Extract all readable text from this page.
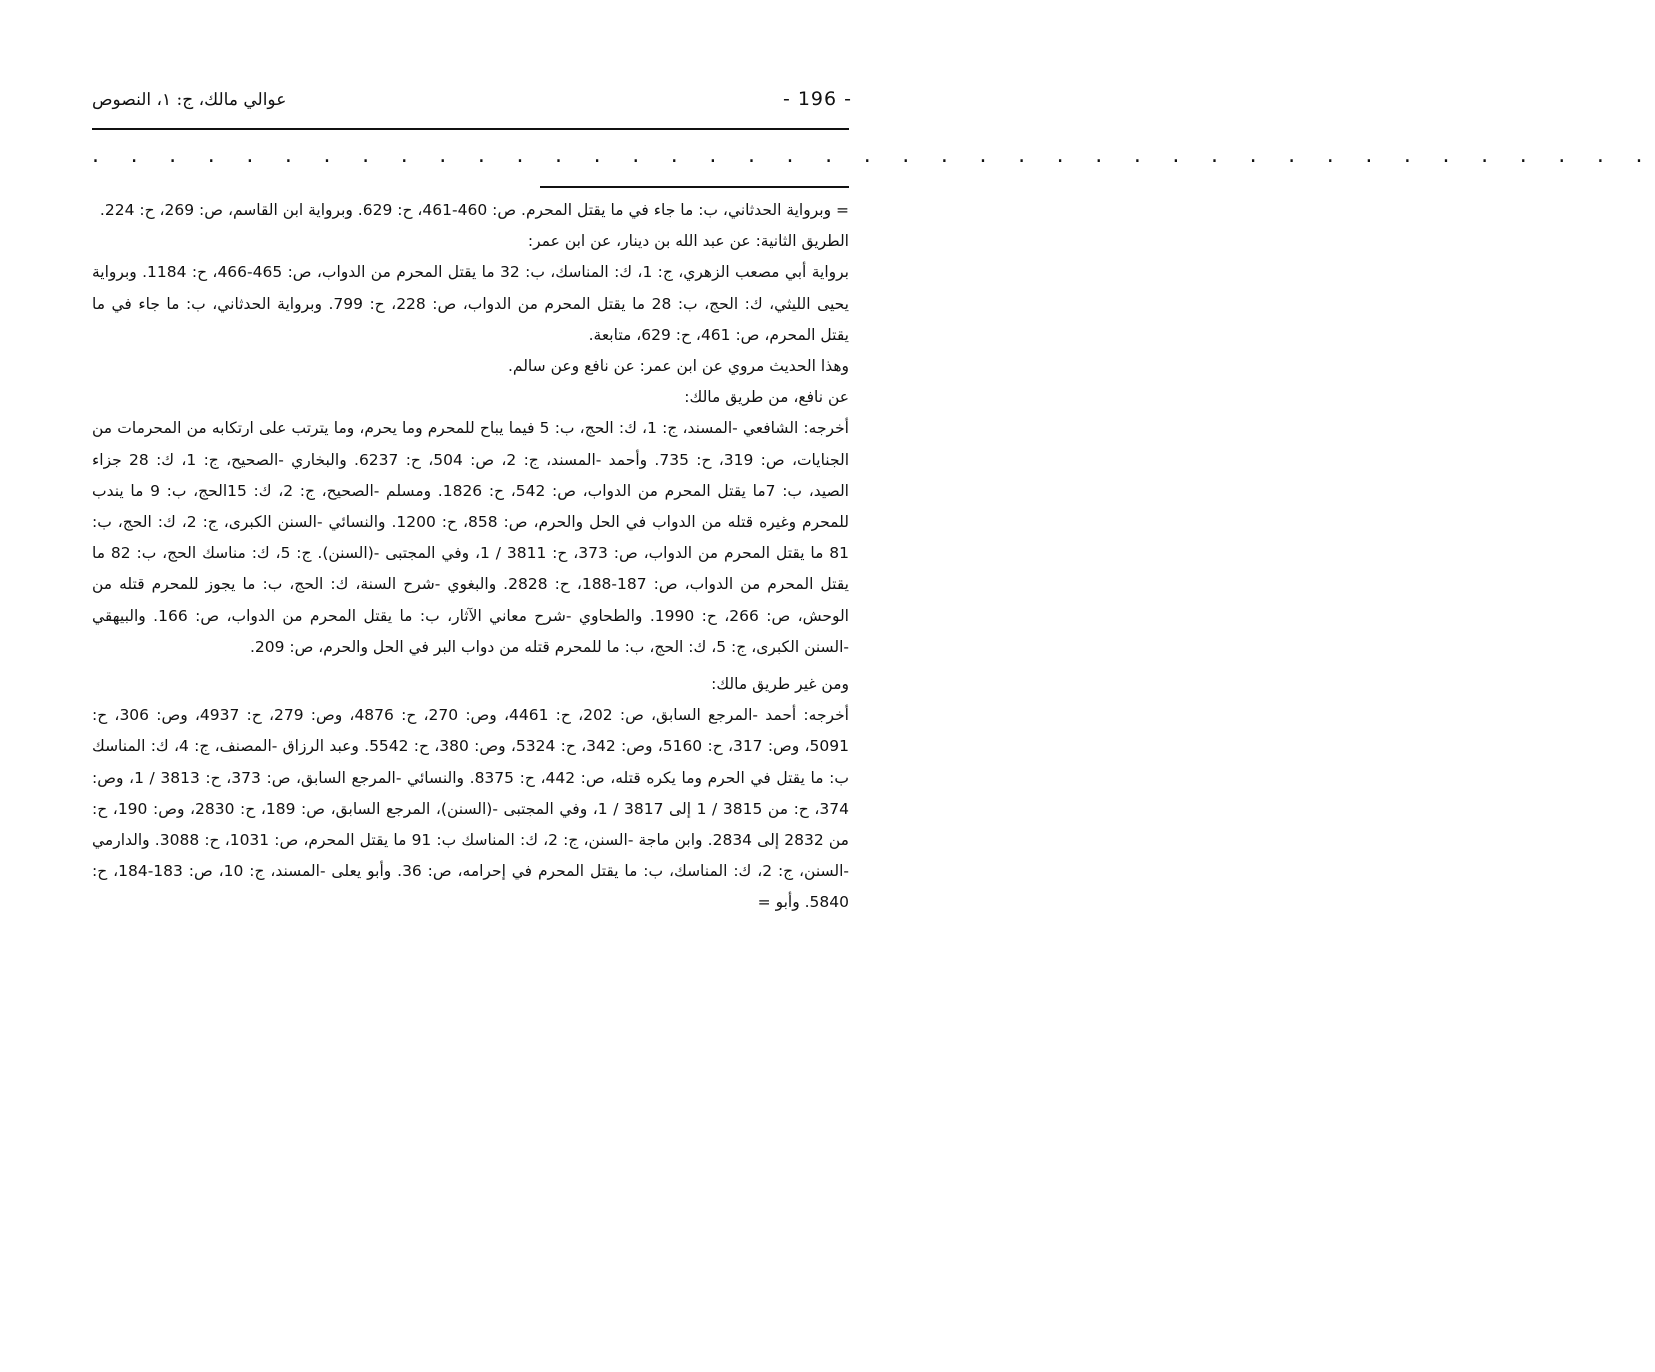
عوالي مالك، ج: ١، النصوص	- 196 -
. . . . . . . . . . . . . . . . . . . . . . . . . . . . . . . . . . . . . . . . .

= وبرواية الحدثاني، ب: ما جاء في ما يقتل المحرم. ص: 460-461، ح: 629. وبرواية ابن القاسم، ص: 269، ح: 224.

الطريق الثانية: عن عبد الله بن دينار، عن ابن عمر:

برواية أبي مصعب الزهري، ج: 1، ك: المناسك، ب: 32 ما يقتل المحرم من الدواب، ص: 465-466، ح: 1184. وبرواية يحيى الليثي، ك: الحج، ب: 28 ما يقتل المحرم من الدواب، ص: 228، ح: 799. وبرواية الحدثاني، ب: ما جاء في ما يقتل المحرم، ص: 461، ح: 629، متابعة.

وهذا الحديث مروي عن ابن عمر: عن نافع وعن سالم.

عن نافع، من طريق مالك:

أخرجه: الشافعي -المسند، ج: 1، ك: الحج، ب: 5 فيما يباح للمحرم وما يحرم، وما يترتب على ارتكابه من المحرمات من الجنايات، ص: 319، ح: 735. وأحمد -المسند، ج: 2، ص: 504، ح: 6237. والبخاري -الصحيح، ج: 1، ك: 28 جزاء الصيد، ب: 7ما يقتل المحرم من الدواب، ص: 542، ح: 1826. ومسلم -الصحيح، ج: 2، ك: 15الحج، ب: 9 ما يندب للمحرم وغيره قتله من الدواب في الحل والحرم، ص: 858، ح: 1200. والنسائي -السنن الكبرى، ج: 2، ك: الحج، ب: 81 ما يقتل المحرم من الدواب، ص: 373، ح: 3811 / 1، وفي المجتبى -(السنن). ج: 5، ك: مناسك الحج، ب: 82 ما يقتل المحرم من الدواب، ص: 187-188، ح: 2828. والبغوي -شرح السنة، ك: الحج، ب: ما يجوز للمحرم قتله من الوحش، ص: 266، ح: 1990. والطحاوي -شرح معاني الآثار، ب: ما يقتل المحرم من الدواب، ص: 166. والبيهقي -السنن الكبرى، ج: 5، ك: الحج، ب: ما للمحرم قتله من دواب البر في الحل والحرم، ص: 209.

ومن غير طريق مالك:

أخرجه: أحمد -المرجع السابق، ص: 202، ح: 4461، وص: 270، ح: 4876، وص: 279، ح: 4937، وص: 306، ح: 5091، وص: 317، ح: 5160، وص: 342، ح: 5324، وص: 380، ح: 5542. وعبد الرزاق -المصنف، ج: 4، ك: المناسك ب: ما يقتل في الحرم وما يكره قتله، ص: 442، ح: 8375. والنسائي -المرجع السابق، ص: 373، ح: 3813 / 1، وص: 374، ح: من 3815 / 1 إلى 3817 / 1، وفي المجتبى -(السنن)، المرجع السابق، ص: 189، ح: 2830، وص: 190، ح: من 2832 إلى 2834. وابن ماجة -السنن، ج: 2، ك: المناسك ب: 91 ما يقتل المحرم، ص: 1031، ح: 3088. والدارمي -السنن، ج: 2، ك: المناسك، ب: ما يقتل المحرم في إحرامه، ص: 36. وأبو يعلى -المسند، ج: 10، ص: 183-184، ح: 5840. وأبو =
